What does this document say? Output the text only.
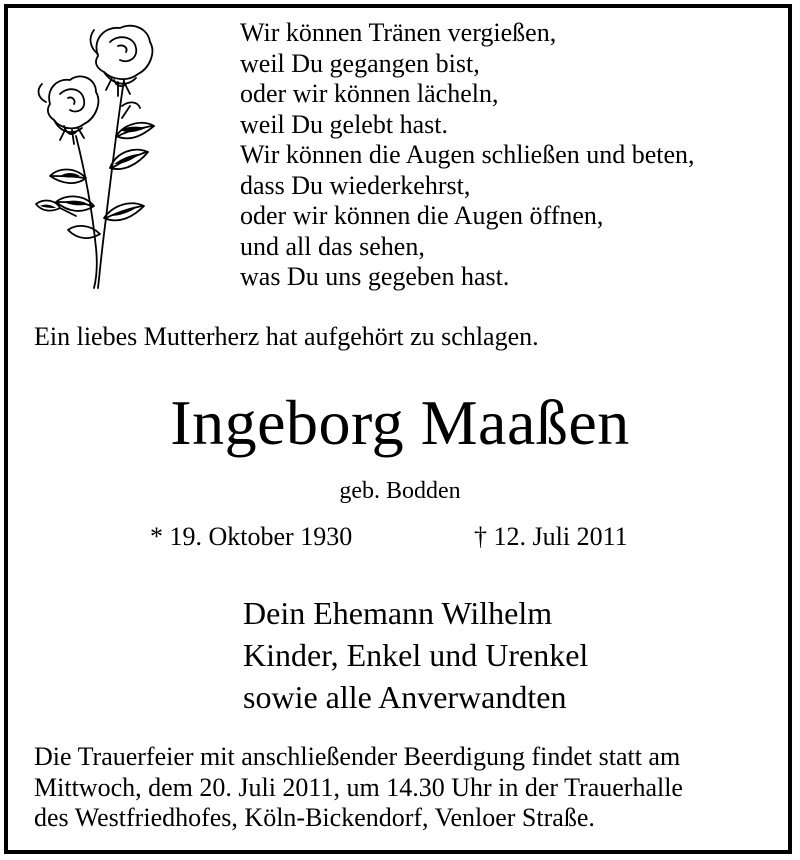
Wir können Tränen vergießen,
weil Du gegangen bist,
oder wir können lächeln,
weil Du gelebt hast.
Wir können die Augen schließen und beten,
dass Du wiederkehrst,
oder wir können die Augen öffnen,
und all das sehen,
was Du uns gegeben hast.
Ein liebes Mutterherz hat aufgehört zu schlagen.
Ingeborg Maaßen
geb. Bodden
* 19. Oktober 1930	† 12. Juli 2011
Dein Ehemann Wilhelm
Kinder, Enkel und Urenkel
sowie alle Anverwandten
Die Trauerfeier mit anschließender Beerdigung findet statt am
Mittwoch, dem 20. Juli 2011, um 14.30 Uhr in der Trauerhalle
des Westfriedhofes, Köln-Bickendorf, Venloer Straße.
